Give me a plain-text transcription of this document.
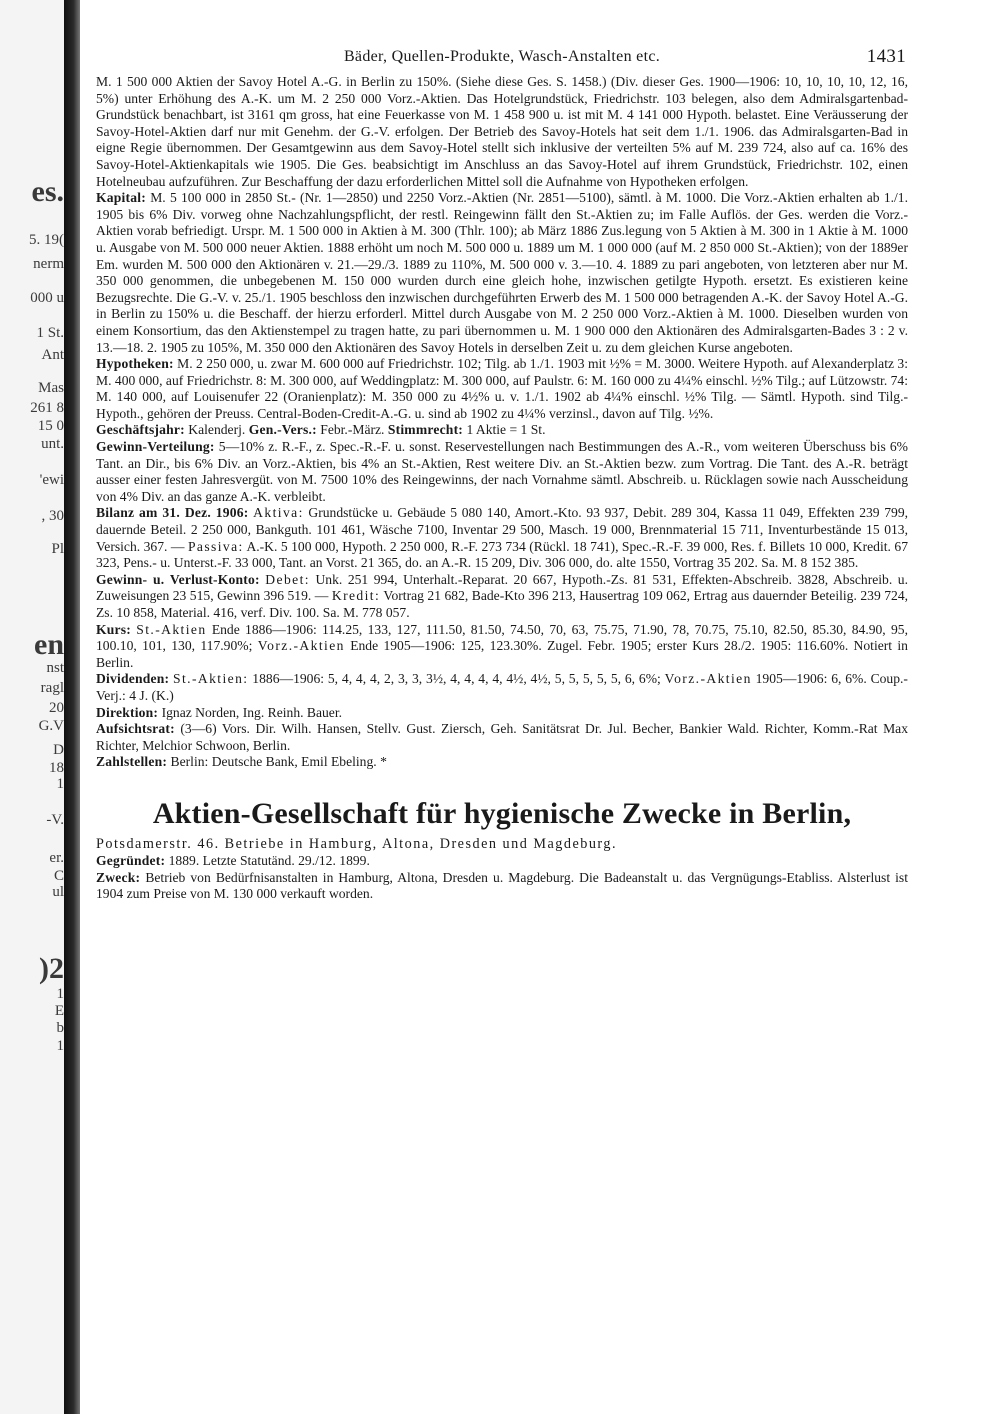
es.
5. 19(
nerm
000 u
1 St.
Ant
Mas
261 8
15 0
unt.
'ewi
, 30
Pl
en
nst
ragl
20
G.V
D
18
1
-V.
er.
C
ul
)2
1
E
b
1
Bäder, Quellen-Produkte, Wasch-Anstalten etc.	1431

M. 1 500 000 Aktien der Savoy Hotel A.-G. in Berlin zu 150%. (Siehe diese Ges. S. 1458.) (Div. dieser Ges. 1900—1906: 10, 10, 10, 10, 12, 16, 5%) unter Erhöhung des A.-K. um M. 2 250 000 Vorz.-Aktien. Das Hotelgrundstück, Friedrichstr. 103 belegen, also dem Admiralsgartenbad-Grundstück benachbart, ist 3161 qm gross, hat eine Feuerkasse von M. 1 458 900 u. ist mit M. 4 141 000 Hypoth. belastet. Eine Veräusserung der Savoy-Hotel-Aktien darf nur mit Genehm. der G.-V. erfolgen. Der Betrieb des Savoy-Hotels hat seit dem 1./1. 1906. das Admiralsgarten-Bad in eigne Regie übernommen. Der Gesamtgewinn aus dem Savoy-Hotel stellt sich inklusive der verteilten 5% auf M. 239 724, also auf ca. 16% des Savoy-Hotel-Aktienkapitals wie 1905. Die Ges. beabsichtigt im Anschluss an das Savoy-Hotel auf ihrem Grundstück, Friedrichstr. 102, einen Hotelneubau aufzuführen. Zur Beschaffung der dazu erforderlichen Mittel soll die Aufnahme von Hypotheken erfolgen.

Kapital: M. 5 100 000 in 2850 St.- (Nr. 1—2850) und 2250 Vorz.-Aktien (Nr. 2851—5100), sämtl. à M. 1000. Die Vorz.-Aktien erhalten ab 1./1. 1905 bis 6% Div. vorweg ohne Nachzahlungspflicht, der restl. Reingewinn fällt den St.-Aktien zu; im Falle Auflös. der Ges. werden die Vorz.-Aktien vorab befriedigt. Urspr. M. 1 500 000 in Aktien à M. 300 (Thlr. 100); ab März 1886 Zus.legung von 5 Aktien à M. 300 in 1 Aktie à M. 1000 u. Ausgabe von M. 500 000 neuer Aktien. 1888 erhöht um noch M. 500 000 u. 1889 um M. 1 000 000 (auf M. 2 850 000 St.-Aktien); von der 1889er Em. wurden M. 500 000 den Aktionären v. 21.—29./3. 1889 zu 110%, M. 500 000 v. 3.—10. 4. 1889 zu pari angeboten, von letzteren aber nur M. 350 000 genommen, die unbegebenen M. 150 000 wurden durch eine gleich hohe, inzwischen getilgte Hypoth. ersetzt. Es existieren keine Bezugsrechte. Die G.-V. v. 25./1. 1905 beschloss den inzwischen durchgeführten Erwerb des M. 1 500 000 betragenden A.-K. der Savoy Hotel A.-G. in Berlin zu 150% u. die Beschaff. der hierzu erforderl. Mittel durch Ausgabe von M. 2 250 000 Vorz.-Aktien à M. 1000. Dieselben wurden von einem Konsortium, das den Aktienstempel zu tragen hatte, zu pari übernommen u. M. 1 900 000 den Aktionären des Admiralsgarten-Bades 3 : 2 v. 13.—18. 2. 1905 zu 105%, M. 350 000 den Aktionären des Savoy Hotels in derselben Zeit u. zu dem gleichen Kurse angeboten.

Hypotheken: M. 2 250 000, u. zwar M. 600 000 auf Friedrichstr. 102; Tilg. ab 1./1. 1903 mit ½% = M. 3000. Weitere Hypoth. auf Alexanderplatz 3: M. 400 000, auf Friedrichstr. 8: M. 300 000, auf Weddingplatz: M. 300 000, auf Paulstr. 6: M. 160 000 zu 4¼% einschl. ½% Tilg.; auf Lützowstr. 74: M. 140 000, auf Louisenufer 22 (Oranienplatz): M. 350 000 zu 4½% u. v. 1./1. 1902 ab 4¼% einschl. ½% Tilg. — Sämtl. Hypoth. sind Tilg.-Hypoth., gehören der Preuss. Central-Boden-Credit-A.-G. u. sind ab 1902 zu 4¼% verzinsl., davon auf Tilg. ½%.

Geschäftsjahr: Kalenderj. Gen.-Vers.: Febr.-März. Stimmrecht: 1 Aktie = 1 St.

Gewinn-Verteilung: 5—10% z. R.-F., z. Spec.-R.-F. u. sonst. Reservestellungen nach Bestimmungen des A.-R., vom weiteren Überschuss bis 6% Tant. an Dir., bis 6% Div. an Vorz.-Aktien, bis 4% an St.-Aktien, Rest weitere Div. an St.-Aktien bezw. zum Vortrag. Die Tant. des A.-R. beträgt ausser einer festen Jahresvergüt. von M. 7500 10% des Reingewinns, der nach Vornahme sämtl. Abschreib. u. Rücklagen sowie nach Ausscheidung von 4% Div. an das ganze A.-K. verbleibt.

Bilanz am 31. Dez. 1906: Aktiva: Grundstücke u. Gebäude 5 080 140, Amort.-Kto. 93 937, Debit. 289 304, Kassa 11 049, Effekten 239 799, dauernde Beteil. 2 250 000, Bankguth. 101 461, Wäsche 7100, Inventar 29 500, Masch. 19 000, Brennmaterial 15 711, Inventurbestände 15 013, Versich. 367. — Passiva: A.-K. 5 100 000, Hypoth. 2 250 000, R.-F. 273 734 (Rückl. 18 741), Spec.-R.-F. 39 000, Res. f. Billets 10 000, Kredit. 67 323, Pens.- u. Unterst.-F. 33 000, Tant. an Vorst. 21 365, do. an A.-R. 15 209, Div. 306 000, do. alte 1550, Vortrag 35 202. Sa. M. 8 152 385.

Gewinn- u. Verlust-Konto: Debet: Unk. 251 994, Unterhalt.-Reparat. 20 667, Hypoth.-Zs. 81 531, Effekten-Abschreib. 3828, Abschreib. u. Zuweisungen 23 515, Gewinn 396 519. — Kredit: Vortrag 21 682, Bade-Kto 396 213, Hausertrag 109 062, Ertrag aus dauernder Beteilig. 239 724, Zs. 10 858, Material. 416, verf. Div. 100. Sa. M. 778 057.

Kurs: St.-Aktien Ende 1886—1906: 114.25, 133, 127, 111.50, 81.50, 74.50, 70, 63, 75.75, 71.90, 78, 70.75, 75.10, 82.50, 85.30, 84.90, 95, 100.10, 101, 130, 117.90%; Vorz.-Aktien Ende 1905—1906: 125, 123.30%. Zugel. Febr. 1905; erster Kurs 28./2. 1905: 116.60%. Notiert in Berlin.

Dividenden: St.-Aktien: 1886—1906: 5, 4, 4, 4, 2, 3, 3, 3½, 4, 4, 4, 4, 4½, 4½, 5, 5, 5, 5, 5, 6, 6%; Vorz.-Aktien 1905—1906: 6, 6%. Coup.-Verj.: 4 J. (K.)

Direktion: Ignaz Norden, Ing. Reinh. Bauer.

Aufsichtsrat: (3—6) Vors. Dir. Wilh. Hansen, Stellv. Gust. Ziersch, Geh. Sanitätsrat Dr. Jul. Becher, Bankier Wald. Richter, Komm.-Rat Max Richter, Melchior Schwoon, Berlin.

Zahlstellen: Berlin: Deutsche Bank, Emil Ebeling. *

Aktien-Gesellschaft für hygienische Zwecke in Berlin,
Potsdamerstr. 46. Betriebe in Hamburg, Altona, Dresden und Magdeburg.

Gegründet: 1889. Letzte Statutänd. 29./12. 1899.

Zweck: Betrieb von Bedürfnisanstalten in Hamburg, Altona, Dresden u. Magdeburg. Die Badeanstalt u. das Vergnügungs-Etabliss. Alsterlust ist 1904 zum Preise von M. 130 000 verkauft worden.
